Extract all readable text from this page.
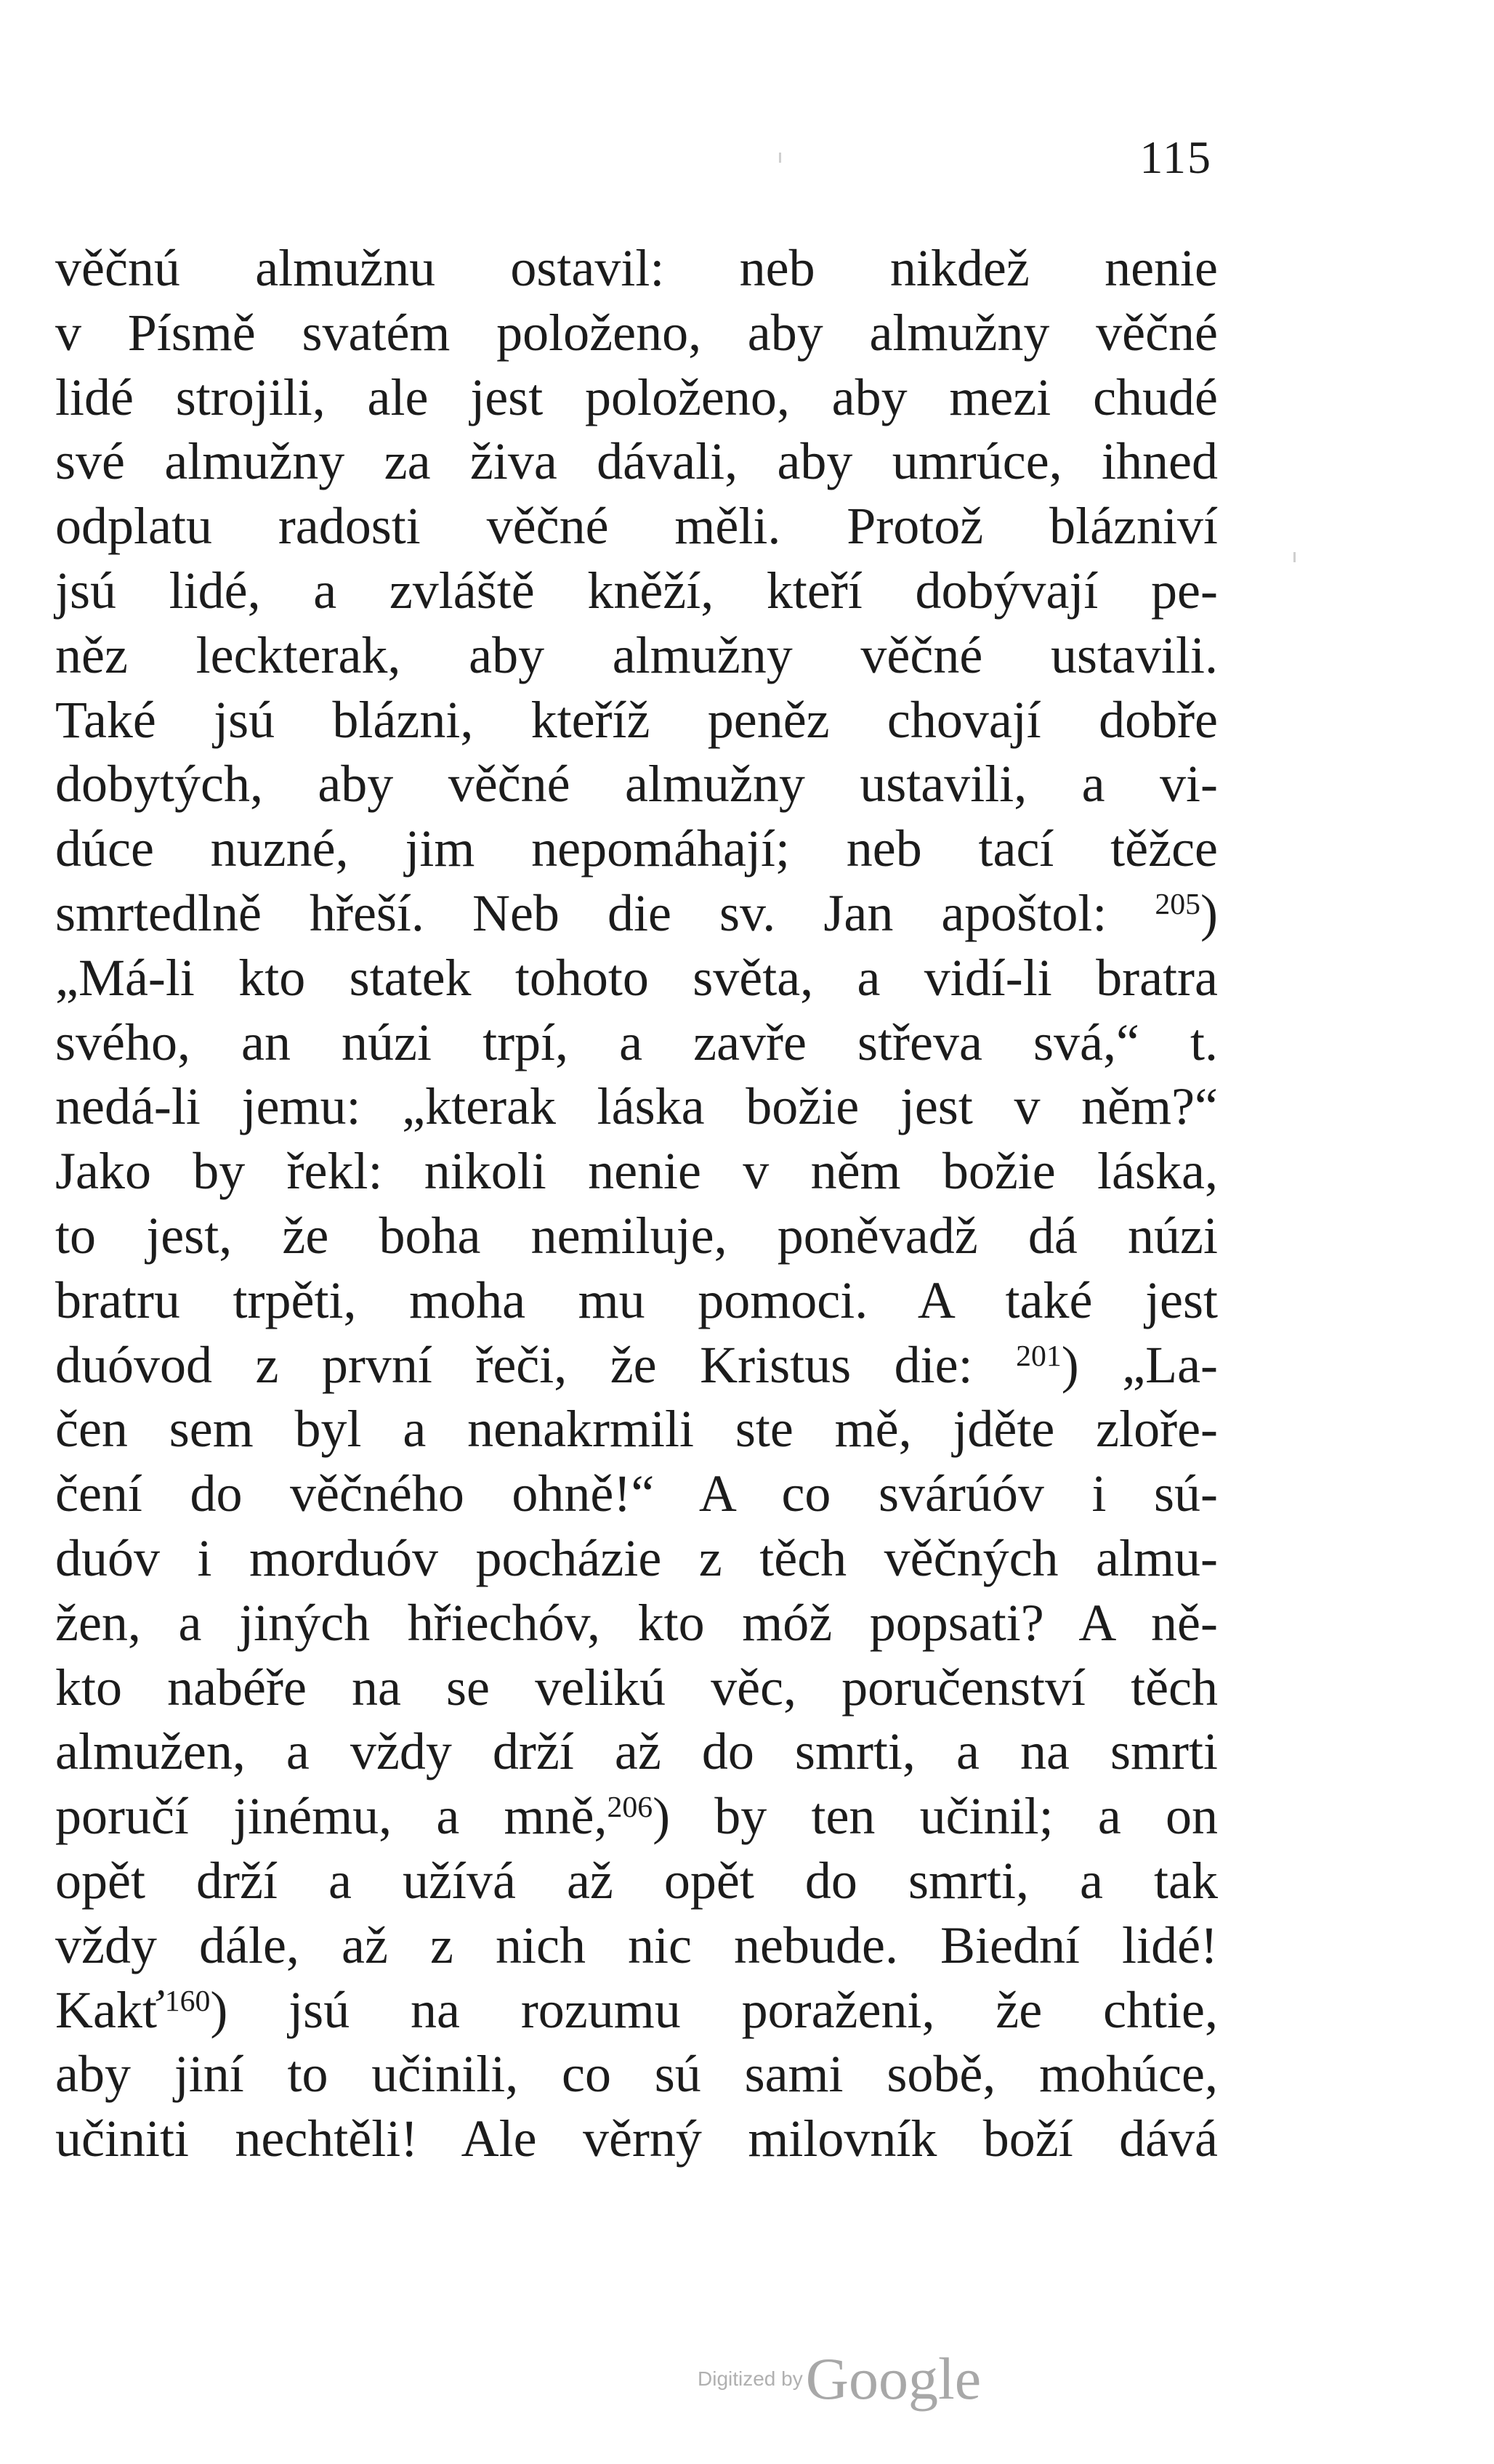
115
věčnú almužnu ostavil: neb nikdež nenie
v Písmě svatém položeno, aby almužny věčné
lidé strojili, ale jest položeno, aby mezi chudé
své almužny za živa dávali, aby umrúce, ihned
odplatu radosti věčné měli. Protož blázniví
jsú lidé, a zvláště kněží, kteří dobývají pe-
něz leckterak, aby almužny věčné ustavili.
Také jsú blázni, kteříž peněz chovají dobře
dobytých, aby věčné almužny ustavili, a vi-
dúce nuzné, jim nepomáhají; neb tací těžce
smrtedlně hřeší. Neb die sv. Jan apoštol: $^{205}$)
„Má-li kto statek tohoto světa, a vidí-li bratra
svého, an núzi trpí, a zavře střeva svá,“ t.
nedá-li jemu: „kterak láska božie jest v něm?“
Jako by řekl: nikoli nenie v něm božie láska,
to jest, že boha nemiluje, poněvadž dá núzi
bratru trpěti, moha mu pomoci. A také jest
duóvod z první řeči, že Kristus die: $^{201}$) „La-
čen sem byl a nenakrmili ste mě, jděte zloře-
čení do věčného ohně!“ A co svárúóv i sú-
duóv i morduóv pocházie z těch věčných almu-
žen, a jiných hřiechóv, kto móž popsati? A ně-
kto nabéře na se velikú věc, poručenství těch
almužen, a vždy drží až do smrti, a na smrti
poručí jinému, a mně,$^{206}$) by ten učinil; a on
opět drží a užívá až opět do smrti, a tak
vždy dále, až z nich nic nebude. Biední lidé!
Kakť$^{160}$) jsú na rozumu poraženi, že chtie,
aby jiní to učinili, co sú sami sobě, mohúce,
učiniti nechtěli! Ale věrný milovník boží dává
Digitized by Google
